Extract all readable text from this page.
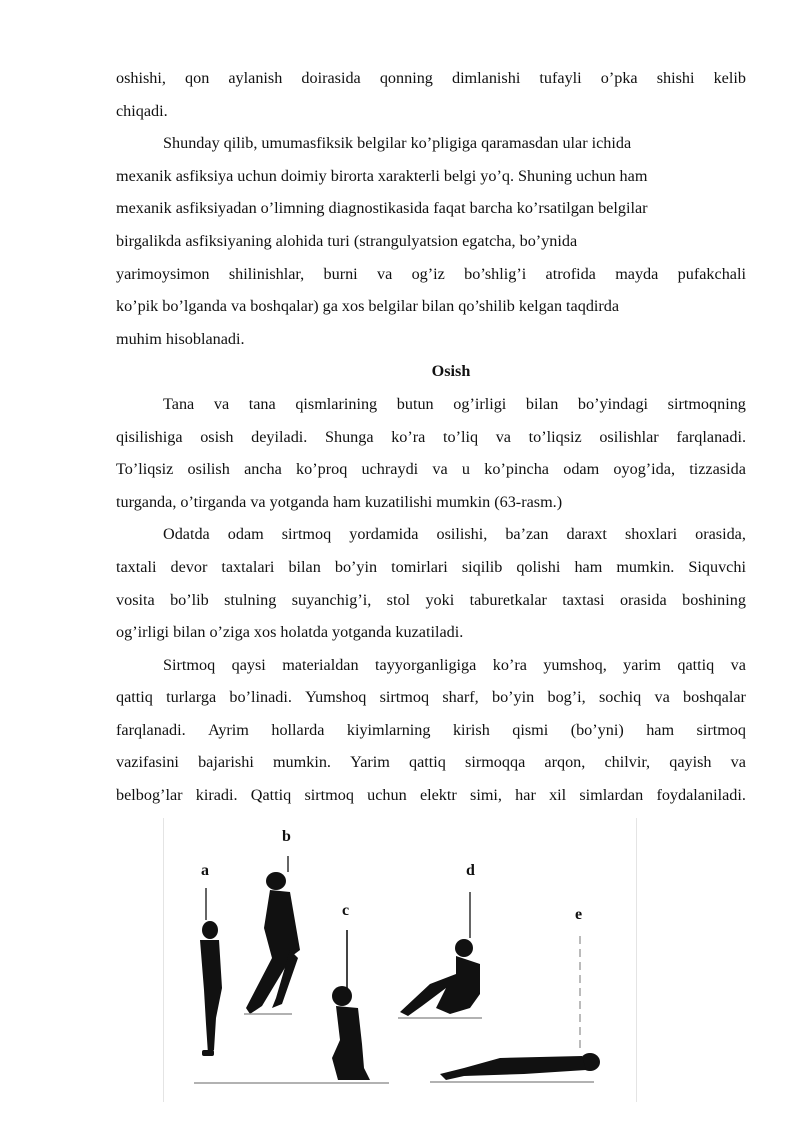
oshishi, qon aylanish doirasida qonning dimlanishi tufayli o’pka shishi kelib
chiqadi.
Shunday qilib, umumasfiksik belgilar ko’pligiga qaramasdan ular ichida
mexanik asfiksiya uchun doimiy birorta xarakterli belgi yo’q. Shuning uchun ham
mexanik asfiksiyadan o’limning diagnostikasida faqat barcha ko’rsatilgan belgilar
birgalikda asfiksiyaning alohida turi (strangulyatsion egatcha, bo’ynida
yarimoysimon shilinishlar, burni va og’iz bo’shlig’i atrofida mayda pufakchali
ko’pik bo’lganda va boshqalar) ga xos belgilar bilan qo’shilib kelgan taqdirda
muhim hisoblanadi.
Osish
Tana va tana qismlarining butun og’irligi bilan bo’yindagi sirtmoqning
qisilishiga osish deyiladi. Shunga ko’ra to’liq va to’liqsiz osilishlar farqlanadi.
To’liqsiz osilish ancha ko’proq uchraydi va u ko’pincha odam oyog’ida, tizzasida
turganda, o’tirganda va yotganda ham kuzatilishi mumkin (63-rasm.)
Odatda odam sirtmoq yordamida osilishi, ba’zan daraxt shoxlari orasida,
taxtali devor taxtalari bilan bo’yin tomirlari siqilib qolishi ham mumkin. Siquvchi
vosita bo’lib stulning suyanchig’i, stol yoki taburetkalar taxtasi orasida boshining
og’irligi bilan o’ziga xos holatda yotganda kuzatiladi.
Sirtmoq qaysi materialdan tayyorganligiga ko’ra yumshoq, yarim qattiq va
qattiq turlarga bo’linadi. Yumshoq sirtmoq sharf, bo’yin bog’i, sochiq va boshqalar
farqlanadi. Ayrim hollarda kiyimlarning kirish qismi (bo’yni) ham sirtmoq
vazifasini bajarishi mumkin. Yarim qattiq sirmoqqa arqon, chilvir, qayish va
belbog’lar kiradi. Qattiq sirtmoq uchun elektr simi, har xil simlardan foydalaniladi.
b
a	d
c	e
